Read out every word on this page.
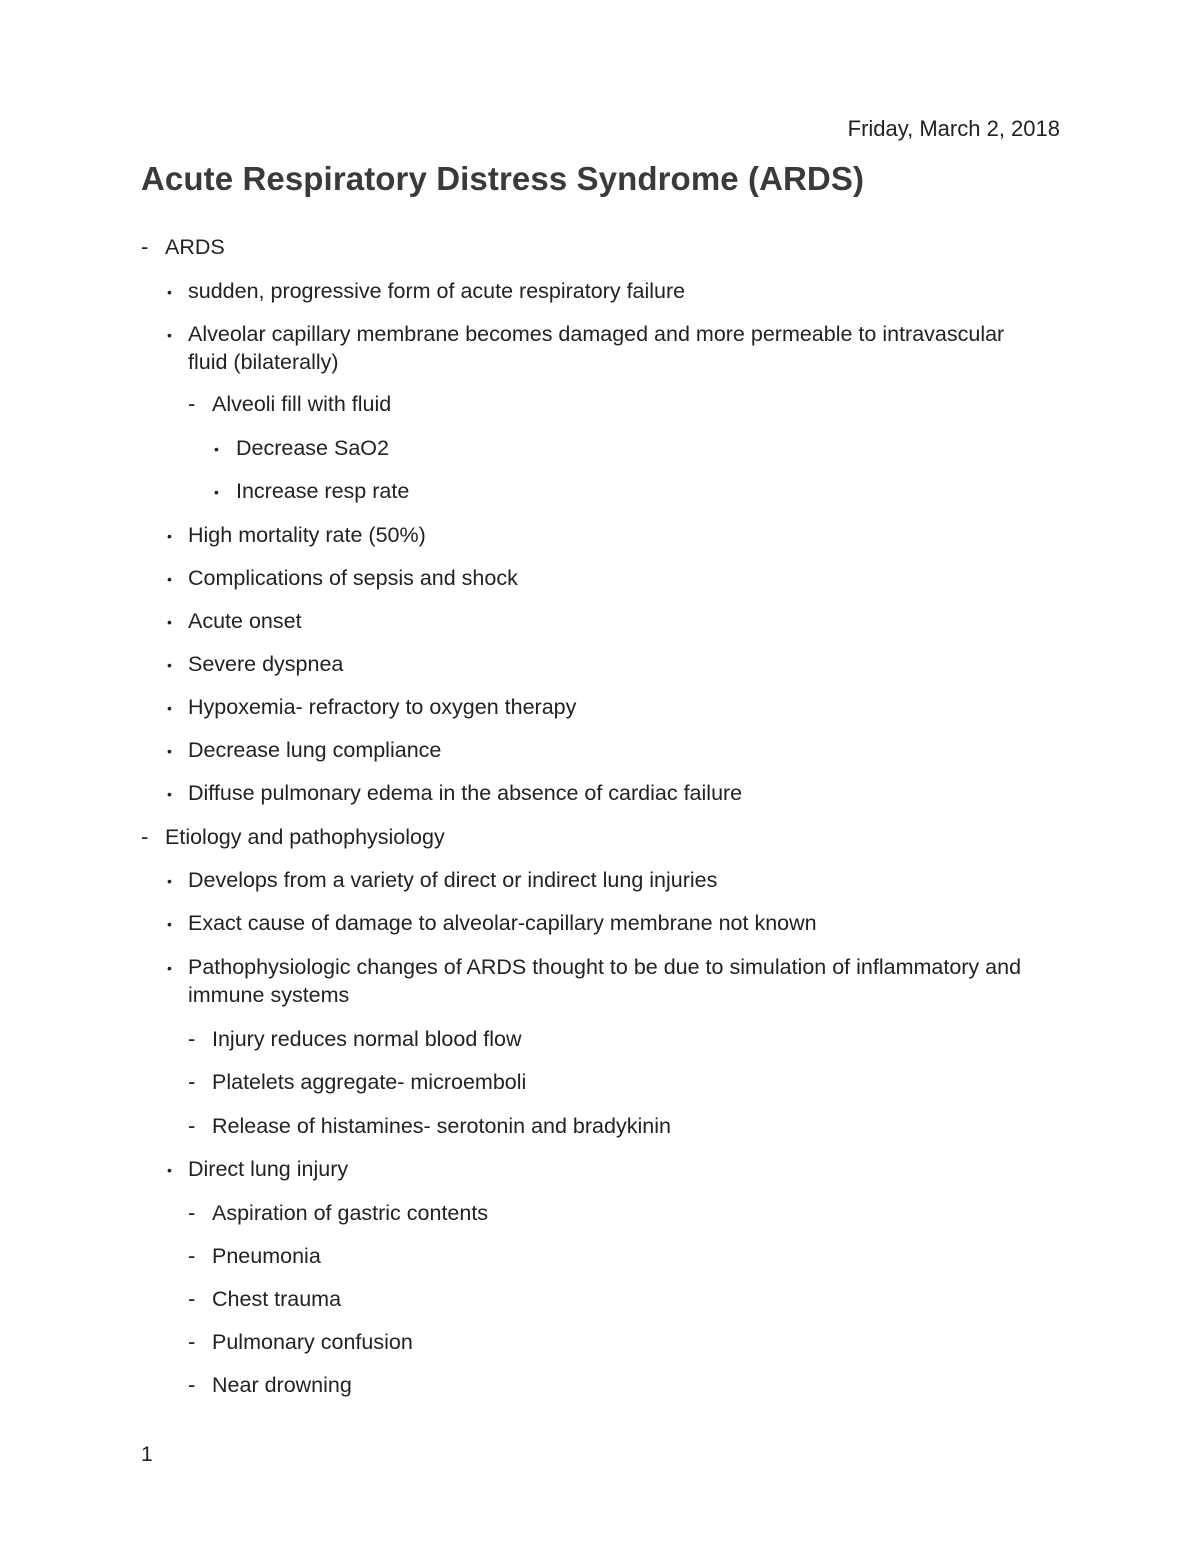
Friday, March 2, 2018
Acute Respiratory Distress Syndrome (ARDS)
- ARDS
• sudden, progressive form of acute respiratory failure
• Alveolar capillary membrane becomes damaged and more permeable to intravascular fluid (bilaterally)
- Alveoli fill with fluid
• Decrease SaO2
• Increase resp rate
• High mortality rate (50%)
• Complications of sepsis and shock
• Acute onset
• Severe dyspnea
• Hypoxemia- refractory to oxygen therapy
• Decrease lung compliance
• Diffuse pulmonary edema in the absence of cardiac failure
- Etiology and pathophysiology
• Develops from a variety of direct or indirect lung injuries
• Exact cause of damage to alveolar-capillary membrane not known
• Pathophysiologic changes of ARDS thought to be due to simulation of inflammatory and immune systems
- Injury reduces normal blood flow
- Platelets aggregate- microemboli
- Release of histamines- serotonin and bradykinin
• Direct lung injury
- Aspiration of gastric contents
- Pneumonia
- Chest trauma
- Pulmonary confusion
- Near drowning
1
